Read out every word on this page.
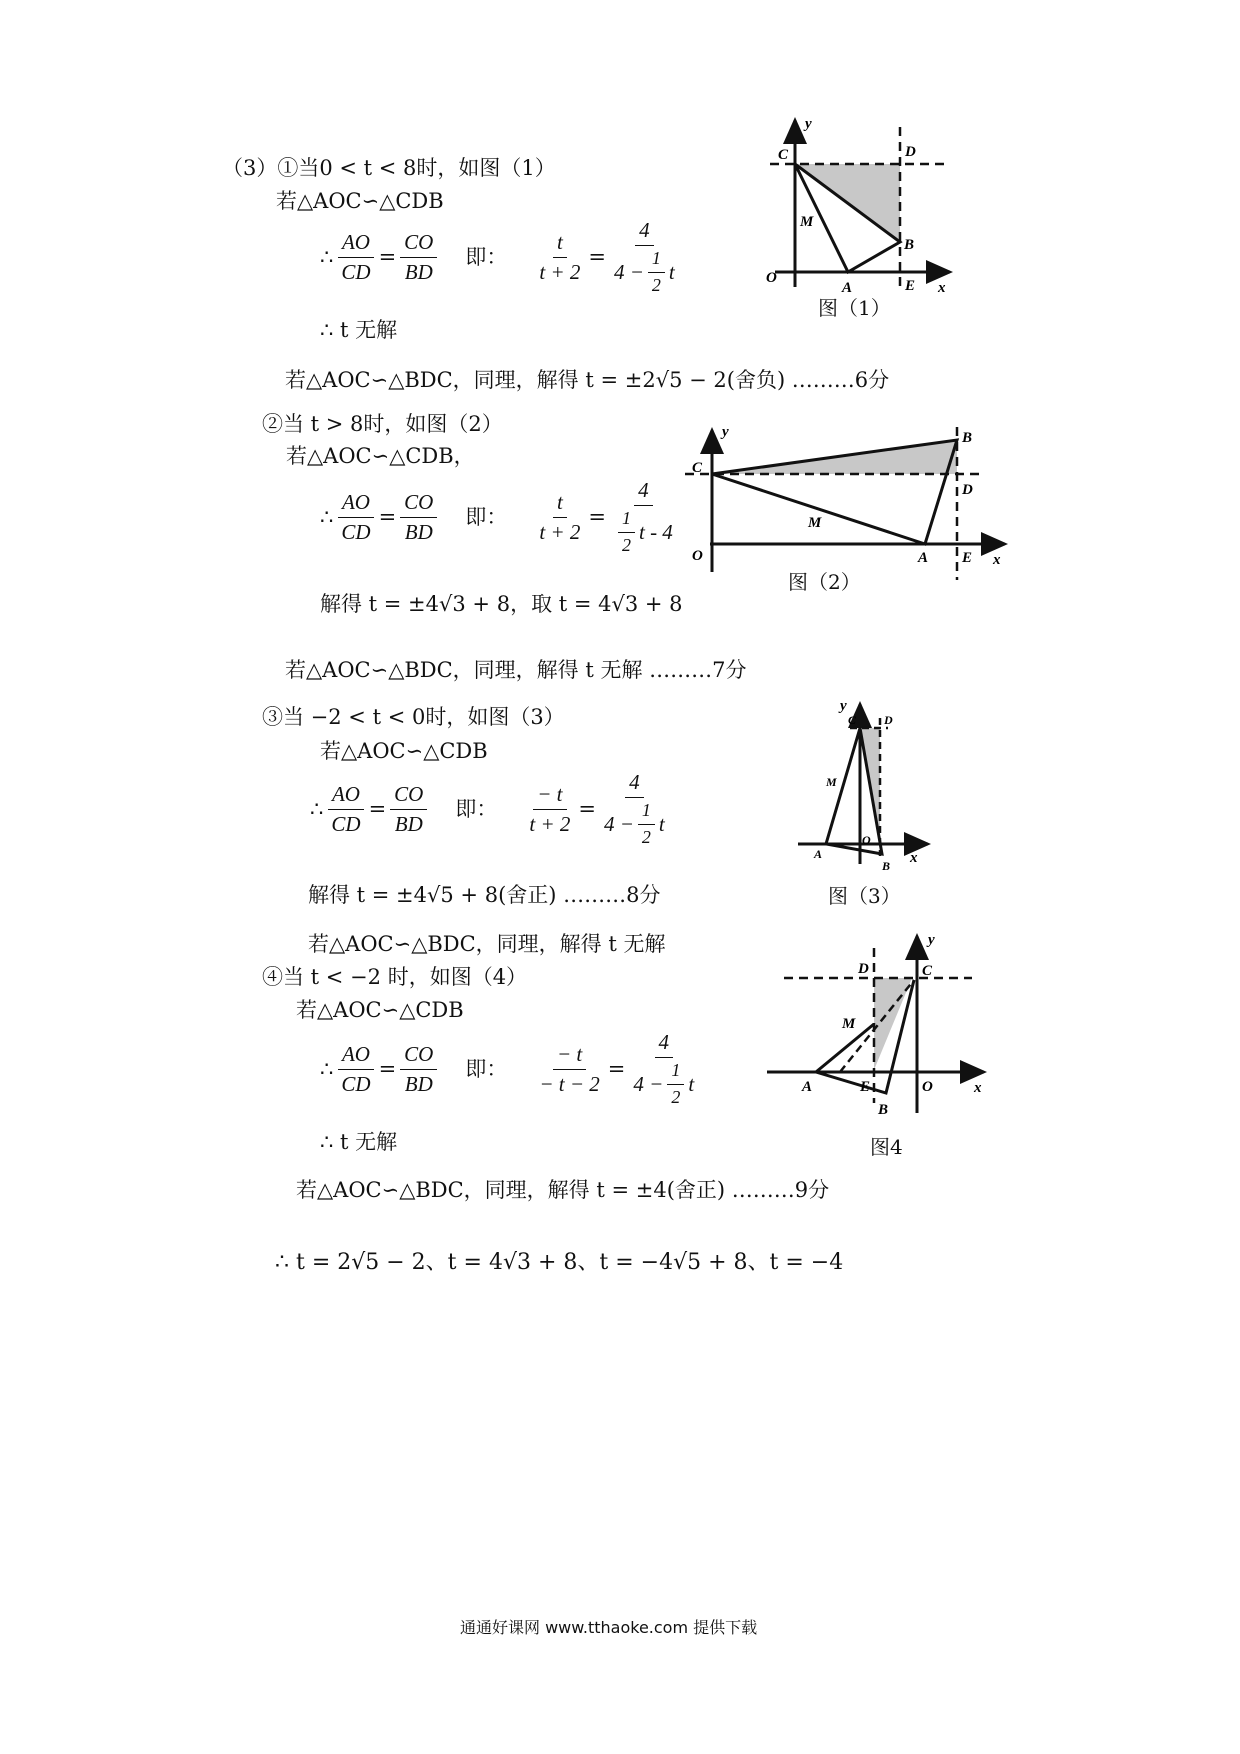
（3）①当0 < t < 8时，如图（1）
若△AOC∽△CDB
∴ $\frac{AO}{CD} = \frac{CO}{BD}$ 即： $\frac{t}{t + 2} = \frac{4}{4 - \frac{1}{2} t}$
∴ t 无解
若△AOC∽△BDC，同理，解得 t = ±2√5 − 2(舍负) ………6分
O
A
B
C	D
E
M
x
y
图（1）
②当 t > 8时，如图（2）
若△AOC∽△CDB，
∴ $\frac{AO}{CD} = \frac{CO}{BD}$ 即： $\frac{t}{t + 2} = \frac{4}{\frac{1}{2} t - 4}$
解得 t = ±4√3 + 8，取 t = 4√3 + 8
若△AOC∽△BDC，同理，解得 t 无解 ………7分
O	A
B
C
D
E
M
x
y
图（2）
③当 −2 < t < 0时，如图（3）
若△AOC∽△CDB
∴ $\frac{AO}{CD} = \frac{CO}{BD}$ 即： $\frac{- t}{t + 2} = \frac{4}{4 - \frac{1}{2} t}$
解得 t = ±4√5 + 8(舍正) ………8分
若△AOC∽△BDC，同理，解得 t 无解
O
A
B
C D
M
x
y
图（3）
④当 t < −2 时，如图（4）
若△AOC∽△CDB
∴ $\frac{AO}{CD} = \frac{CO}{BD}$ 即： $\frac{- t}{- t - 2} = \frac{4}{4 - \frac{1}{2} t}$
∴ t 无解
若△AOC∽△BDC，同理，解得 t = ±4(舍正) ………9分
O
A
B
C
D
E
M
x
y
图4
∴ t = 2√5 − 2、t = 4√3 + 8、t = −4√5 + 8、t = −4
通通好课网 www.tthaoke.com 提供下载
